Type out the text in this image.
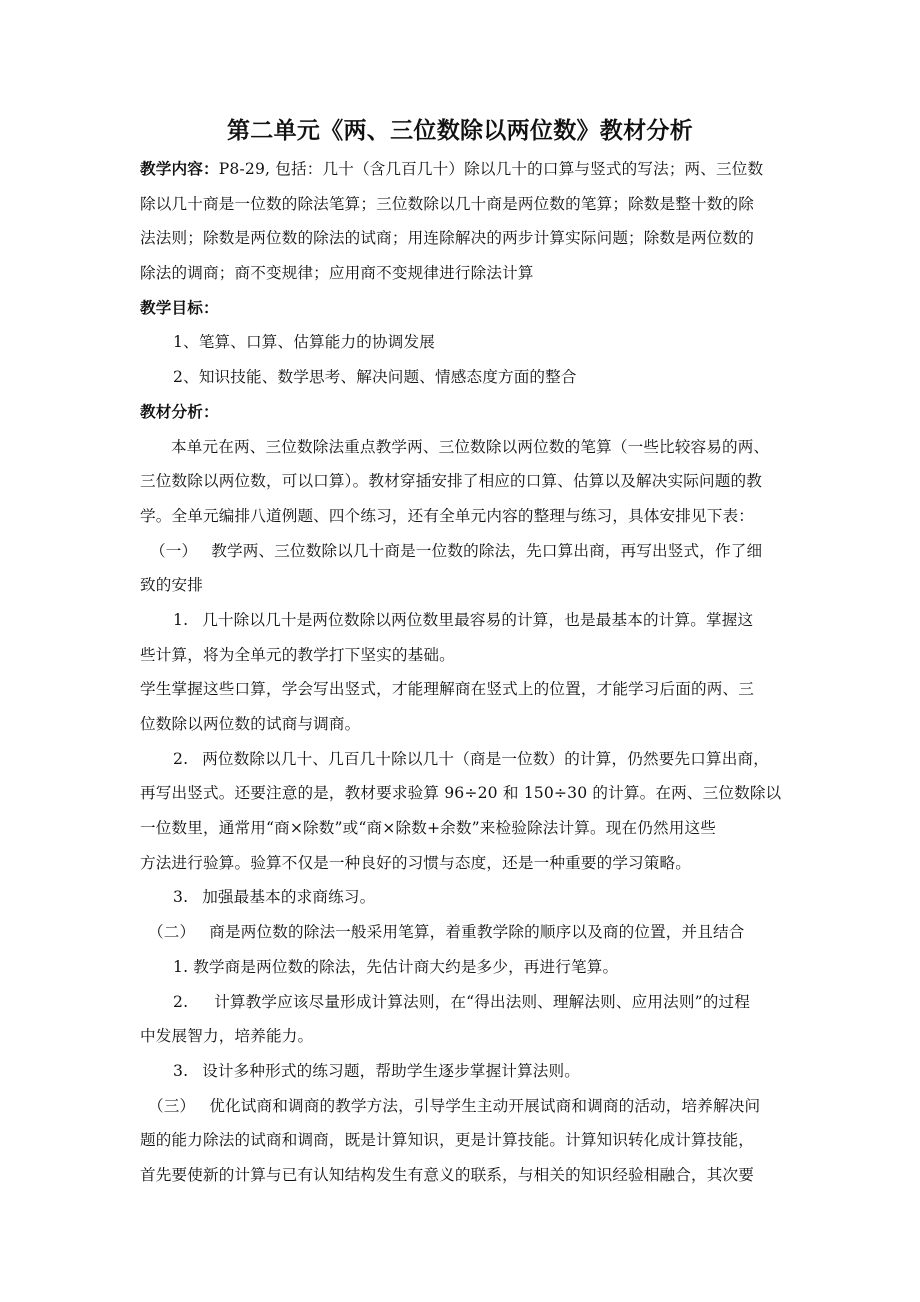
第二单元《两、三位数除以两位数》教材分析
教学内容：P8-29, 包括：几十（含几百几十）除以几十的口算与竖式的写法；两、三位数
除以几十商是一位数的除法笔算；三位数除以几十商是两位数的笔算；除数是整十数的除
法法则；除数是两位数的除法的试商；用连除解决的两步计算实际问题；除数是两位数的
除法的调商；商不变规律；应用商不变规律进行除法计算
教学目标：
1、笔算、口算、估算能力的协调发展
2、知识技能、数学思考、解决问题、情感态度方面的整合
教材分析：
本单元在两、三位数除法重点教学两、三位数除以两位数的笔算（一些比较容易的两、
三位数除以两位数，可以口算）。教材穿插安排了相应的口算、估算以及解决实际问题的教
学。全单元编排八道例题、四个练习，还有全单元内容的整理与练习，具体安排见下表：
（一） 教学两、三位数除以几十商是一位数的除法，先口算出商，再写出竖式，作了细
致的安排
1. 几十除以几十是两位数除以两位数里最容易的计算，也是最基本的计算。掌握这
些计算，将为全单元的教学打下坚实的基础。
学生掌握这些口算，学会写出竖式，才能理解商在竖式上的位置，才能学习后面的两、三
位数除以两位数的试商与调商。
2. 两位数除以几十、几百几十除以几十（商是一位数）的计算，仍然要先口算出商，
再写出竖式。还要注意的是，教材要求验算 96÷20 和 150÷30 的计算。在两、三位数除以
一位数里，通常用“商×除数”或“商×除数+余数”来检验除法计算。现在仍然用这些
方法进行验算。验算不仅是一种良好的习惯与态度，还是一种重要的学习策略。
3. 加强最基本的求商练习。
（二） 商是两位数的除法一般采用笔算，着重教学除的顺序以及商的位置，并且结合
1. 教学商是两位数的除法，先估计商大约是多少，再进行笔算。
2. 计算教学应该尽量形成计算法则，在“得出法则、理解法则、应用法则”的过程
中发展智力，培养能力。
3. 设计多种形式的练习题，帮助学生逐步掌握计算法则。
（三） 优化试商和调商的教学方法，引导学生主动开展试商和调商的活动，培养解决问
题的能力除法的试商和调商，既是计算知识，更是计算技能。计算知识转化成计算技能，
首先要使新的计算与已有认知结构发生有意义的联系，与相关的知识经验相融合，其次要
